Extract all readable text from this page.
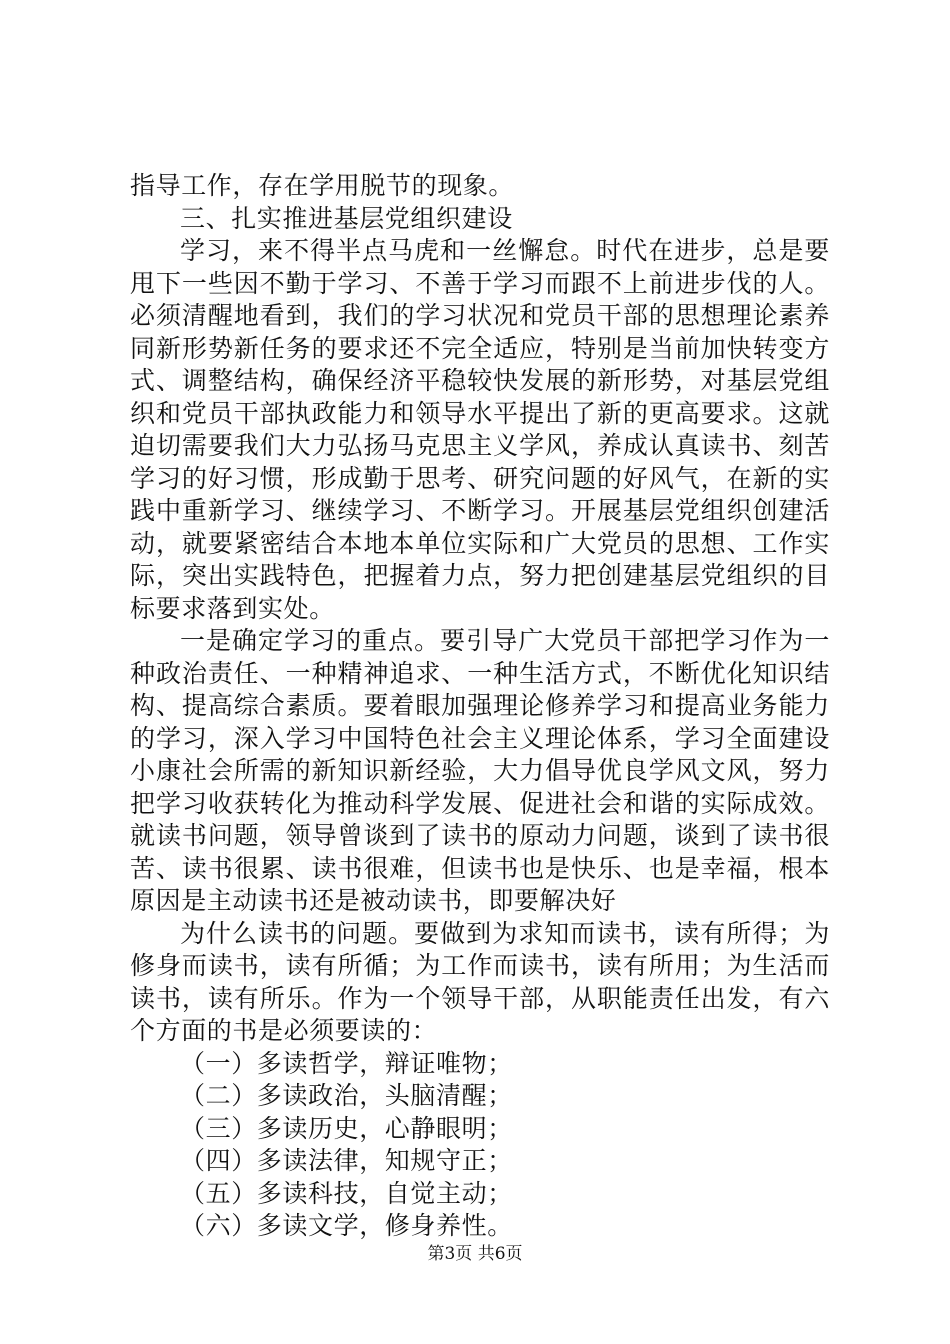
指导工作，存在学用脱节的现象。

三、扎实推进基层党组织建设

学习，来不得半点马虎和一丝懈怠。时代在进步，总是要甩下一些因不勤于学习、不善于学习而跟不上前进步伐的人。必须清醒地看到，我们的学习状况和党员干部的思想理论素养同新形势新任务的要求还不完全适应，特别是当前加快转变方式、调整结构，确保经济平稳较快发展的新形势，对基层党组织和党员干部执政能力和领导水平提出了新的更高要求。这就迫切需要我们大力弘扬马克思主义学风，养成认真读书、刻苦学习的好习惯，形成勤于思考、研究问题的好风气，在新的实践中重新学习、继续学习、不断学习。开展基层党组织创建活动，就要紧密结合本地本单位实际和广大党员的思想、工作实际，突出实践特色，把握着力点，努力把创建基层党组织的目标要求落到实处。

一是确定学习的重点。要引导广大党员干部把学习作为一种政治责任、一种精神追求、一种生活方式，不断优化知识结构、提高综合素质。要着眼加强理论修养学习和提高业务能力的学习，深入学习中国特色社会主义理论体系，学习全面建设小康社会所需的新知识新经验，大力倡导优良学风文风，努力把学习收获转化为推动科学发展、促进社会和谐的实际成效。就读书问题，领导曾谈到了读书的原动力问题，谈到了读书很苦、读书很累、读书很难，但读书也是快乐、也是幸福，根本原因是主动读书还是被动读书，即要解决好

为什么读书的问题。要做到为求知而读书，读有所得；为修身而读书，读有所循；为工作而读书，读有所用；为生活而读书，读有所乐。作为一个领导干部，从职能责任出发，有六个方面的书是必须要读的：

（一）多读哲学，辩证唯物；

（二）多读政治，头脑清醒；

（三）多读历史，心静眼明；

（四）多读法律，知规守正；

（五）多读科技，自觉主动；

（六）多读文学，修身养性。

第3页 共6页
